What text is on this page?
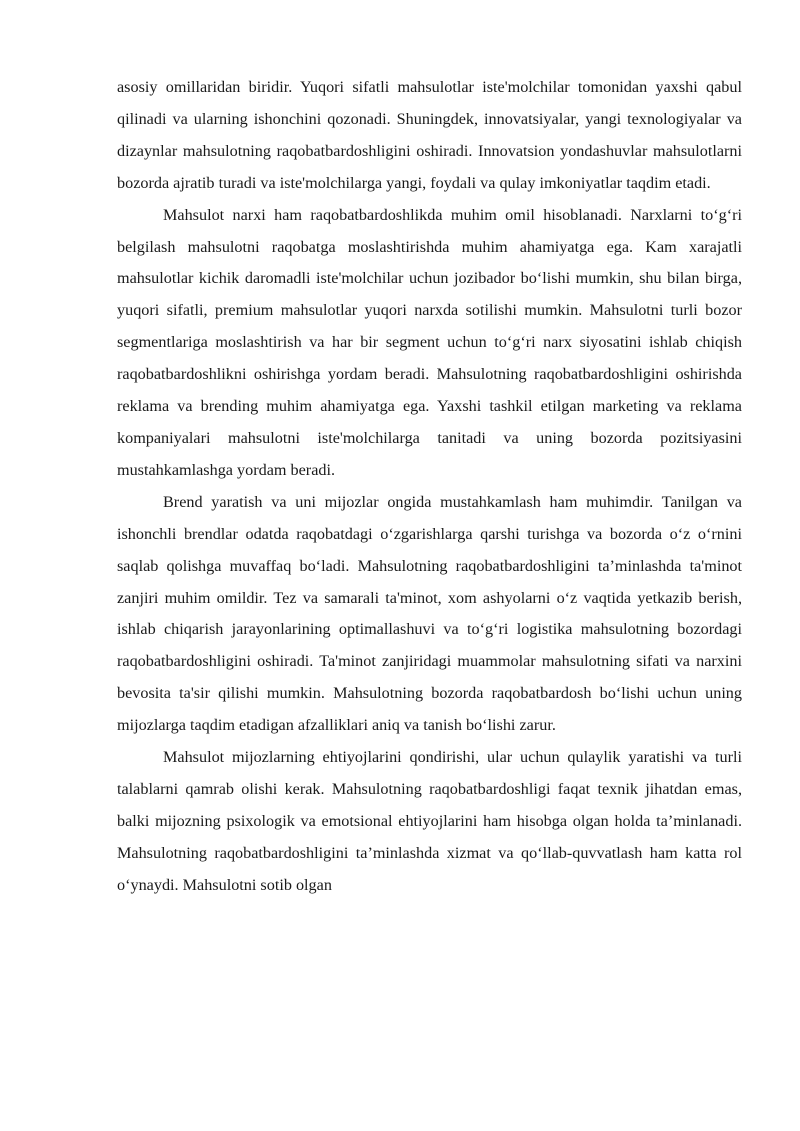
asosiy omillaridan biridir. Yuqori sifatli mahsulotlar iste'molchilar tomonidan yaxshi qabul qilinadi va ularning ishonchini qozonadi. Shuningdek, innovatsiyalar, yangi texnologiyalar va dizaynlar mahsulotning raqobatbardoshligini oshiradi. Innovatsion yondashuvlar mahsulotlarni bozorda ajratib turadi va iste'molchilarga yangi, foydali va qulay imkoniyatlar taqdim etadi.

Mahsulot narxi ham raqobatbardoshlikda muhim omil hisoblanadi. Narxlarni to‘g‘ri belgilash mahsulotni raqobatga moslashtirishda muhim ahamiyatga ega. Kam xarajatli mahsulotlar kichik daromadli iste'molchilar uchun jozibador bo‘lishi mumkin, shu bilan birga, yuqori sifatli, premium mahsulotlar yuqori narxda sotilishi mumkin. Mahsulotni turli bozor segmentlariga moslashtirish va har bir segment uchun to‘g‘ri narx siyosatini ishlab chiqish raqobatbardoshlikni oshirishga yordam beradi. Mahsulotning raqobatbardoshligini oshirishda reklama va brending muhim ahamiyatga ega. Yaxshi tashkil etilgan marketing va reklama kompaniyalari mahsulotni iste'molchilarga tanitadi va uning bozorda pozitsiyasini mustahkamlashga yordam beradi.

Brend yaratish va uni mijozlar ongida mustahkamlash ham muhimdir. Tanilgan va ishonchli brendlar odatda raqobatdagi o‘zgarishlarga qarshi turishga va bozorda o‘z o‘rnini saqlab qolishga muvaffaq bo‘ladi. Mahsulotning raqobatbardoshligini ta’minlashda ta'minot zanjiri muhim omildir. Tez va samarali ta'minot, xom ashyolarni o‘z vaqtida yetkazib berish, ishlab chiqarish jarayonlarining optimallashuvi va to‘g‘ri logistika mahsulotning bozordagi raqobatbardoshligini oshiradi. Ta'minot zanjiridagi muammolar mahsulotning sifati va narxini bevosita ta'sir qilishi mumkin. Mahsulotning bozorda raqobatbardosh bo‘lishi uchun uning mijozlarga taqdim etadigan afzalliklari aniq va tanish bo‘lishi zarur.

Mahsulot mijozlarning ehtiyojlarini qondirishi, ular uchun qulaylik yaratishi va turli talablarni qamrab olishi kerak. Mahsulotning raqobatbardoshligi faqat texnik jihatdan emas, balki mijozning psixologik va emotsional ehtiyojlarini ham hisobga olgan holda ta’minlanadi. Mahsulotning raqobatbardoshligini ta’minlashda xizmat va qo‘llab-quvvatlash ham katta rol o‘ynaydi. Mahsulotni sotib olgan
